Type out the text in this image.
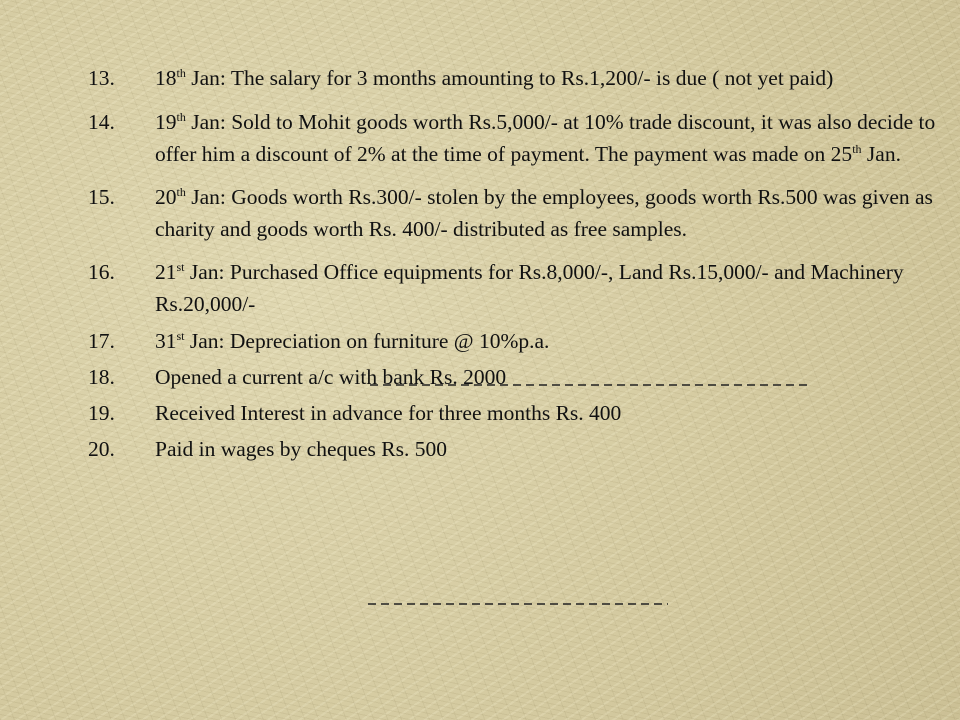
13.	18th Jan: The salary for 3 months amounting to Rs.1,200/- is due ( not yet paid)
14.	19th Jan: Sold to Mohit goods worth Rs.5,000/- at 10% trade discount, it was also decide to offer him a discount of 2% at the time of payment. The payment was made on 25th Jan.
15.	20th Jan: Goods worth Rs.300/- stolen by the employees, goods worth Rs.500 was given as charity and goods worth Rs. 400/- distributed as free samples.
16.	21st Jan: Purchased Office equipments for Rs.8,000/-, Land Rs.15,000/- and Machinery Rs.20,000/-
17.	31st Jan: Depreciation on furniture @ 10%p.a.
18.	Opened a current a/c with bank Rs. 2000
19.	Received Interest in advance for three months Rs. 400
20.	Paid in wages by cheques Rs. 500
